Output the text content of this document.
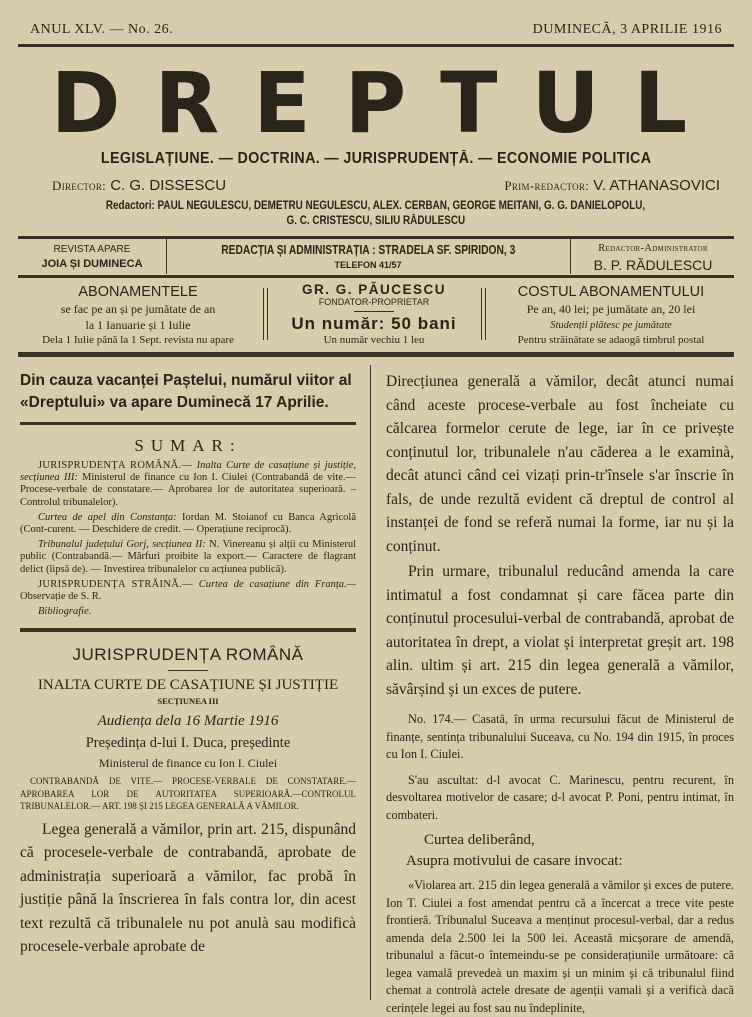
ANUL XLV. — No. 26.	DUMINECĂ, 3 APRILIE 1916
DREPTUL
LEGISLAȚIUNE. — DOCTRINA. — JURISPRUDENȚĂ. — ECONOMIE POLITICA
Director: C. G. DISSESCU	Prim-redactor: V. ATHANASOVICI
Redactori: PAUL NEGULESCU, DEMETRU NEGULESCU, ALEX. CERBAN, GEORGE MEITANI, G. G. DANIELOPOLU,
G. C. CRISTESCU, SILIU RĂDULESCU
REVISTA APARE
JOIA ȘI DUMINECA
REDACȚIA ȘI ADMINISTRAȚIA : STRADELA SF. SPIRIDON, 3
TELEFON 41/57
Redactor-Administrator
B. P. RĂDULESCU
ABONAMENTELE
se fac pe an și pe jumătate de an
la 1 Ianuarie și 1 Iulie
Dela 1 Iulie până la 1 Sept. revista nu apare
GR. G. PĂUCESCU
FONDATOR-PROPRIETAR
Un număr: 50 bani
Un număr vechiu 1 leu
COSTUL ABONAMENTULUI
Pe an, 40 lei; pe jumătate an, 20 lei
Studenții plătesc pe jumătate
Pentru străinătate se adaogă timbrul postal
Din cauza vacanței Paștelui, numărul viitor al «Dreptului» va apare Duminecă 17 Aprilie.
SUMAR:

JURISPRUDENȚA ROMÂNĂ.— Inalta Curte de casațiune și justiție, secțiunea III: Ministerul de finance cu Ion I. Ciulei (Contrabandă de vite.— Procese-verbale de constatare.— Aprobarea lor de autoritatea superioară. – Controlul tribunalelor).

Curtea de apel din Constanța: Iordan M. Stoianof cu Banca Agricolă (Cont-curent. — Deschidere de credit. — Operațiune reciprocă).

Tribunalul județului Gorj, secțiunea II: N. Vinereanu și alții cu Ministerul public (Contrabandă.— Mărfuri proibite la export.— Caractere de flagrant delict (lipsă de). — Investirea tribunalelor cu acțiunea publică).

JURISPRUDENȚA STRĂINĂ.— Curtea de casațiune din Franța.— Observație de S. R.

Bibliografie.

JURISPRUDENȚA ROMÂNĂ
INALTA CURTE DE CASAȚIUNE ȘI JUSTIȚIE
SECȚIUNEA III
Audiența dela 16 Martie 1916
Președința d-lui I. Duca, președinte
Ministerul de finance cu Ion I. Ciulei
CONTRABANDĂ DE VITE.— PROCESE-VERBALE DE CONSTATARE.— APROBAREA LOR DE AUTORITATEA SUPERIOARĂ.—CONTROLUL TRIBUNALELOR.— ART. 198 ȘI 215 LEGEA GENERALĂ A VĂMILOR.

Legea generală a vămilor, prin art. 215, dispunând că procesele-verbale de contrabandă, aprobate de administrația superioară a vămilor, fac probă în justiție până la înscrierea în fals contra lor, din acest text rezultă că tribunalele nu pot anulà sau modificà procesele-verbale aprobate de

Direcțiunea generală a vămilor, decât atunci numai când aceste procese-verbale au fost încheiate cu călcarea formelor cerute de lege, iar în ce privește conținutul lor, tribunalele n'au căderea a le examinà, decât atunci când cei vizați prin-tr'însele s'ar înscrie în fals, de unde rezultă evident că dreptul de control al instanței de fond se referă numai la forme, iar nu și la conținut.

Prin urmare, tribunalul reducând amenda la care intimatul a fost condamnat și care făcea parte din conținutul procesului-verbal de contrabandă, aprobat de autoritatea în drept, a violat și interpretat greșit art. 198 alin. ultim și art. 215 din legea generală a vămilor, săvârșind și un exces de putere.

No. 174.— Casată, în urma recursului făcut de Ministerul de finanțe, sentința tribunalului Suceava, cu No. 194 din 1915, în proces cu Ion I. Ciulei.

S'au ascultat: d-l avocat C. Marinescu, pentru recurent, în desvoltarea motivelor de casare; d-l avocat P. Poni, pentru intimat, în combateri.

Curtea deliberând,
Asupra motivului de casare invocat:

«Violarea art. 215 din legea generală a vămilor și exces de putere. Ion T. Ciulei a fost amendat pentru că a încercat a trece vite peste frontieră. Tribunalul Suceava a menținut procesul-verbal, dar a redus amenda dela 2.500 lei la 500 lei. Această micșorare de amendă, tribunalul a făcut-o întemeindu-se pe considerațiunile următoare: că legea vamală prevedeà un maxim și un minim și că tribunalul fiind chemat a controlà actele dresate de agenții vamali și a verificà dacă cerințele legei au fost sau nu îndeplinite,
